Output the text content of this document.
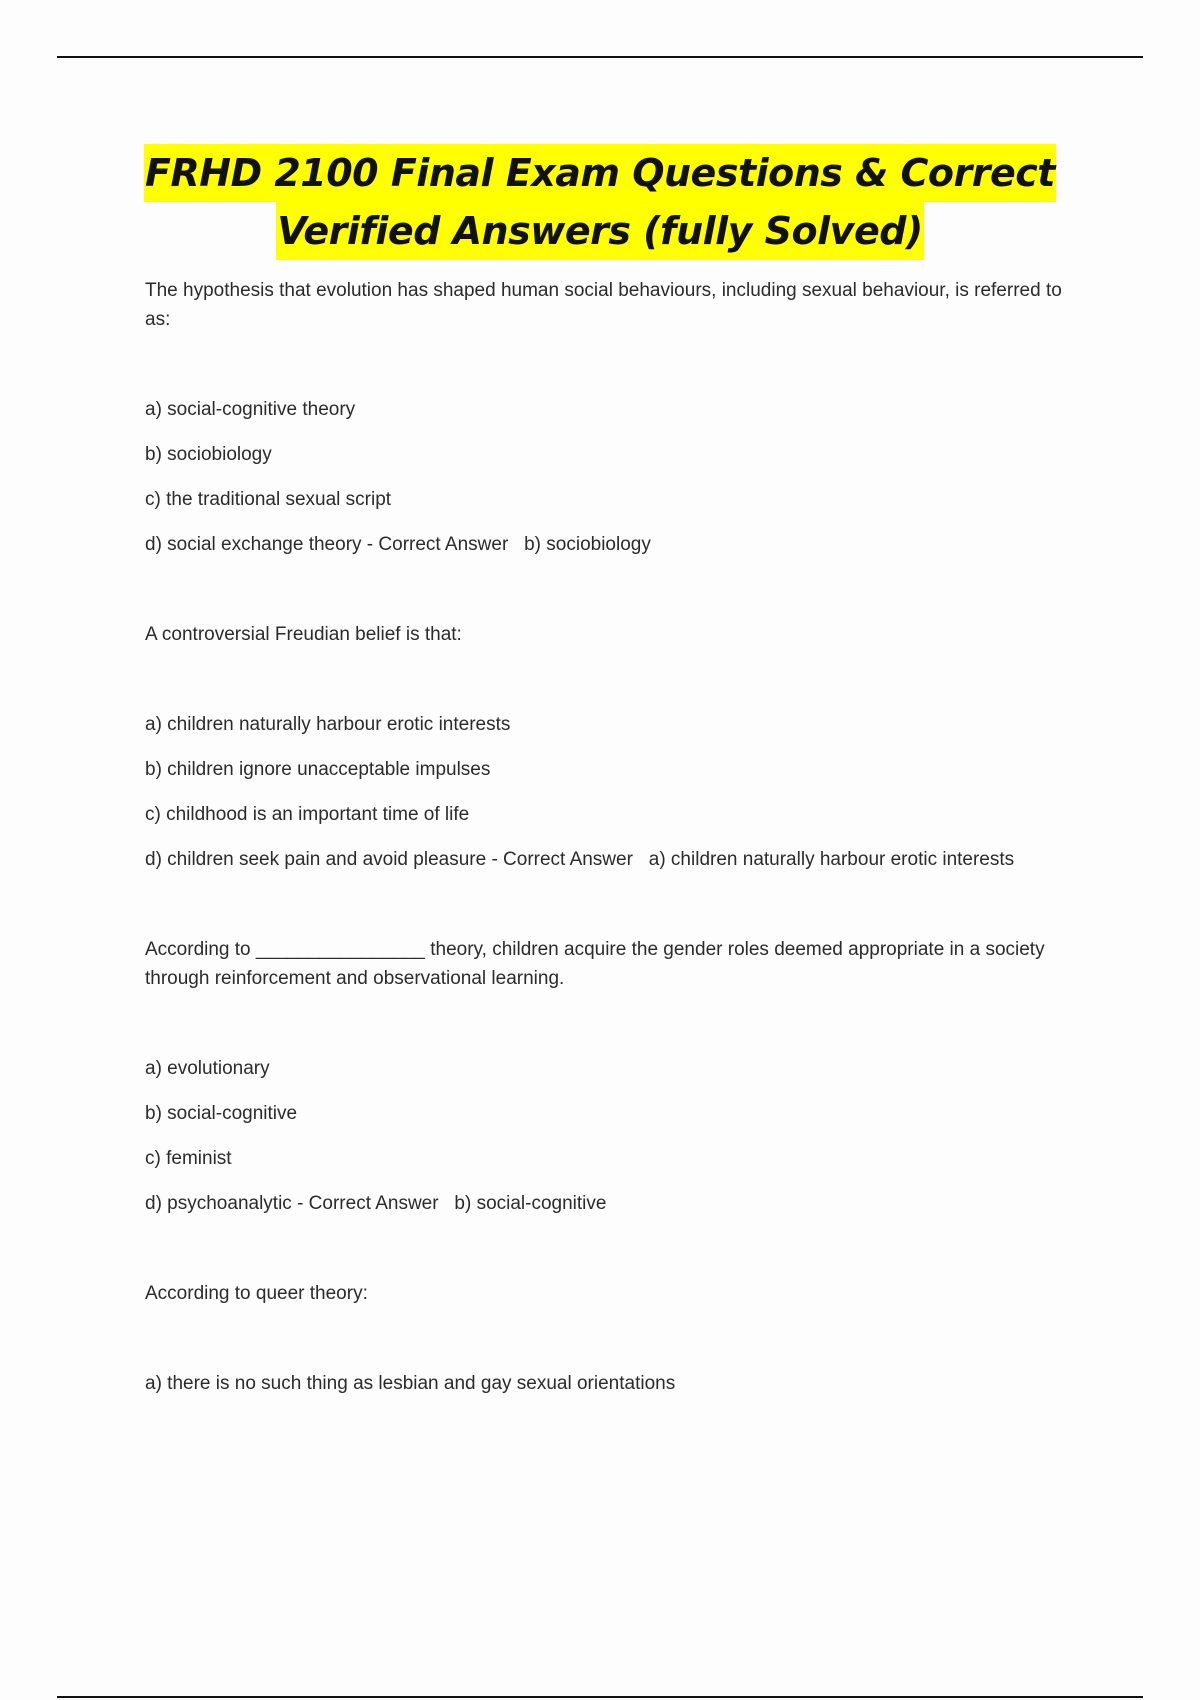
FRHD 2100 Final Exam Questions & Correct
Verified Answers (fully Solved)
The hypothesis that evolution has shaped human social behaviours, including sexual behaviour, is referred to as:
a) social-cognitive theory
b) sociobiology
c) the traditional sexual script
d) social exchange theory - Correct Answer   b) sociobiology
A controversial Freudian belief is that:
a) children naturally harbour erotic interests
b) children ignore unacceptable impulses
c) childhood is an important time of life
d) children seek pain and avoid pleasure - Correct Answer   a) children naturally harbour erotic interests
According to ________________ theory, children acquire the gender roles deemed appropriate in a society through reinforcement and observational learning.
a) evolutionary
b) social-cognitive
c) feminist
d) psychoanalytic - Correct Answer   b) social-cognitive
According to queer theory:
a) there is no such thing as lesbian and gay sexual orientations
